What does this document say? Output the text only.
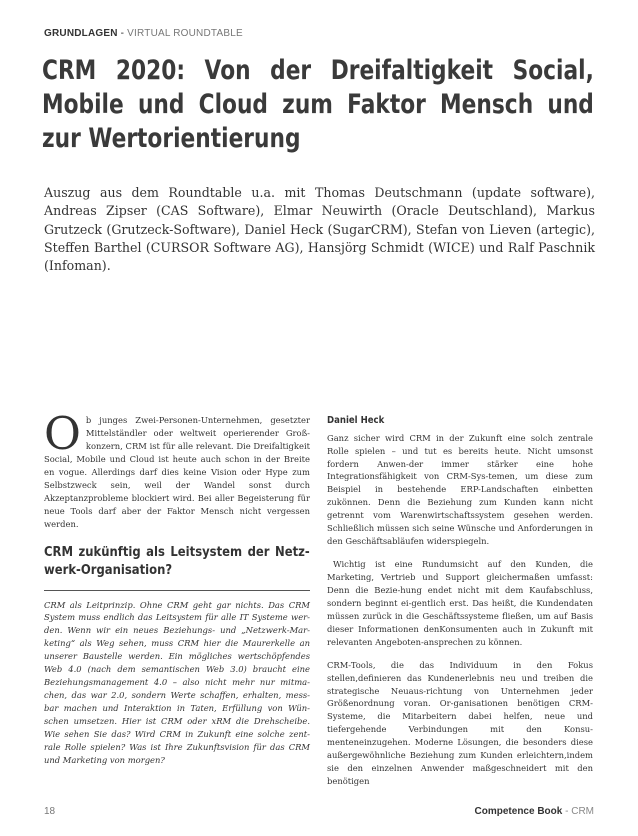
GRUNDLAGEN - VIRTUAL ROUNDTABLE
CRM 2020: Von der Dreifaltigkeit Social, Mobile und Cloud zum Faktor Mensch und zur Wertorientierung
Auszug aus dem Roundtable u.a. mit Thomas Deutschmann (update software), Andreas Zipser (CAS Software), Elmar Neuwirth (Oracle Deutschland), Markus Grutzeck (Grutzeck-Software), Daniel Heck (SugarCRM), Stefan von Lieven (artegic), Steffen Barthel (CURSOR Software AG), Hansjörg Schmidt (WICE) und Ralf Paschnik (Infoman).

Ob junges Zwei-Personen-Unternehmen, gesetzter Mittelständler oder weltweit operierender Groß-konzern, CRM ist für alle relevant. Die Dreifaltigkeit Social, Mobile und Cloud ist heute auch schon in der Breite en vogue. Allerdings darf dies keine Vision oder Hype zum Selbstzweck sein, weil der Wandel sonst durch Akzeptanzprobleme blockiert wird. Bei aller Begeisterung für neue Tools darf aber der Faktor Mensch nicht vergessen werden.

CRM zukünftig als Leitsystem der Netz-werk-Organisation?

CRM als Leitprinzip. Ohne CRM geht gar nichts. Das CRM System muss endlich das Leitsystem für alle IT Systeme wer-den. Wenn wir ein neues Beziehungs- und „Netzwerk-Mar-keting“ als Weg sehen, muss CRM hier die Maurerkelle an unserer Baustelle werden. Ein mögliches wertschöpfendes Web 4.0 (nach dem semantischen Web 3.0) braucht eine Beziehungsmanagement 4.0 – also nicht mehr nur mitma-chen, das war 2.0, sondern Werte schaffen, erhalten, mess-bar machen und Interaktion in Taten, Erfüllung von Wün-schen umsetzen. Hier ist CRM oder xRM die Drehscheibe. Wie sehen Sie das? Wird CRM in Zukunft eine solche zent-rale Rolle spielen? Was ist Ihre Zukunftsvision für das CRM und Marketing von morgen?

Daniel Heck

Ganz sicher wird CRM in der Zukunft eine solch zentrale Rolle spielen – und tut es bereits heute. Nicht umsonst fordern Anwen-der immer stärker eine hohe Integrationsfähigkeit von CRM-Sys-temen, um diese zum Beispiel in bestehende ERP-Landschaften einbetten zukönnen. Denn die Beziehung zum Kunden kann nicht getrennt vom Warenwirtschaftssystem gesehen werden. Schließlich müssen sich seine Wünsche und Anforderungen in den Geschäftsabläufen widerspiegeln.

Wichtig ist eine Rundumsicht auf den Kunden, die Marketing, Vertrieb und Support gleichermaßen umfasst: Denn die Bezie-hung endet nicht mit dem Kaufabschluss, sondern beginnt ei-gentlich erst. Das heißt, die Kundendaten müssen zurück in die Geschäftssysteme fließen, um auf Basis dieser Informationen denKonsumenten auch in Zukunft mit relevanten Angeboten-ansprechen zu können.

CRM-Tools, die das Individuum in den Fokus stellen,definieren das Kundenerlebnis neu und treiben die strategische Neuaus-richtung von Unternehmen jeder Größenordnung voran. Or-ganisationen benötigen CRM-Systeme, die Mitarbeitern dabei helfen, neue und tiefergehende Verbindungen mit den Konsu-menteneinzugehen. Moderne Lösungen, die besonders diese außergewöhnliche Beziehung zum Kunden erleichtern,indem sie den einzelnen Anwender maßgeschneidert mit den benötigen

18	Competence Book - CRM
